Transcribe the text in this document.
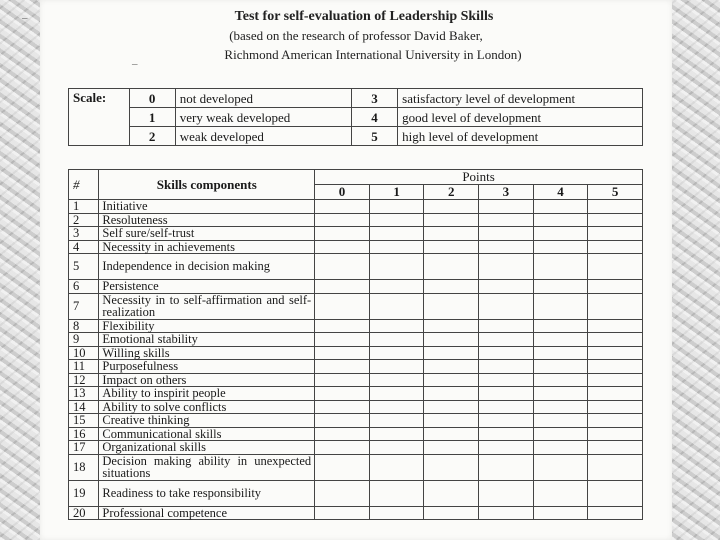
Test for self-evaluation of Leadership Skills
(based on the research of professor David Baker,
Richmond American International University in London)
‒
‒
Scale:	0	not developed	3	satisfactory level of development
	1	very weak developed	4	good level of development
	2	weak developed	5	high level of development
#	Skills components	Points					
		0	1	2	3	4	5
1	Initiative						
2	Resoluteness						
3	Self sure/self-trust						
4	Necessity in achievements						
5	Independence in decision making						
6	Persistence						
7	Necessity in to self-affirmation and self-realization						
8	Flexibility						
9	Emotional stability						
10	Willing skills						
11	Purposefulness						
12	Impact on others						
13	Ability to inspirit people						
14	Ability to solve conflicts						
15	Creative thinking						
16	Communicational skills						
17	Organizational skills						
18	Decision making ability in unexpected situations						
19	Readiness to take responsibility						
20	Professional competence						
